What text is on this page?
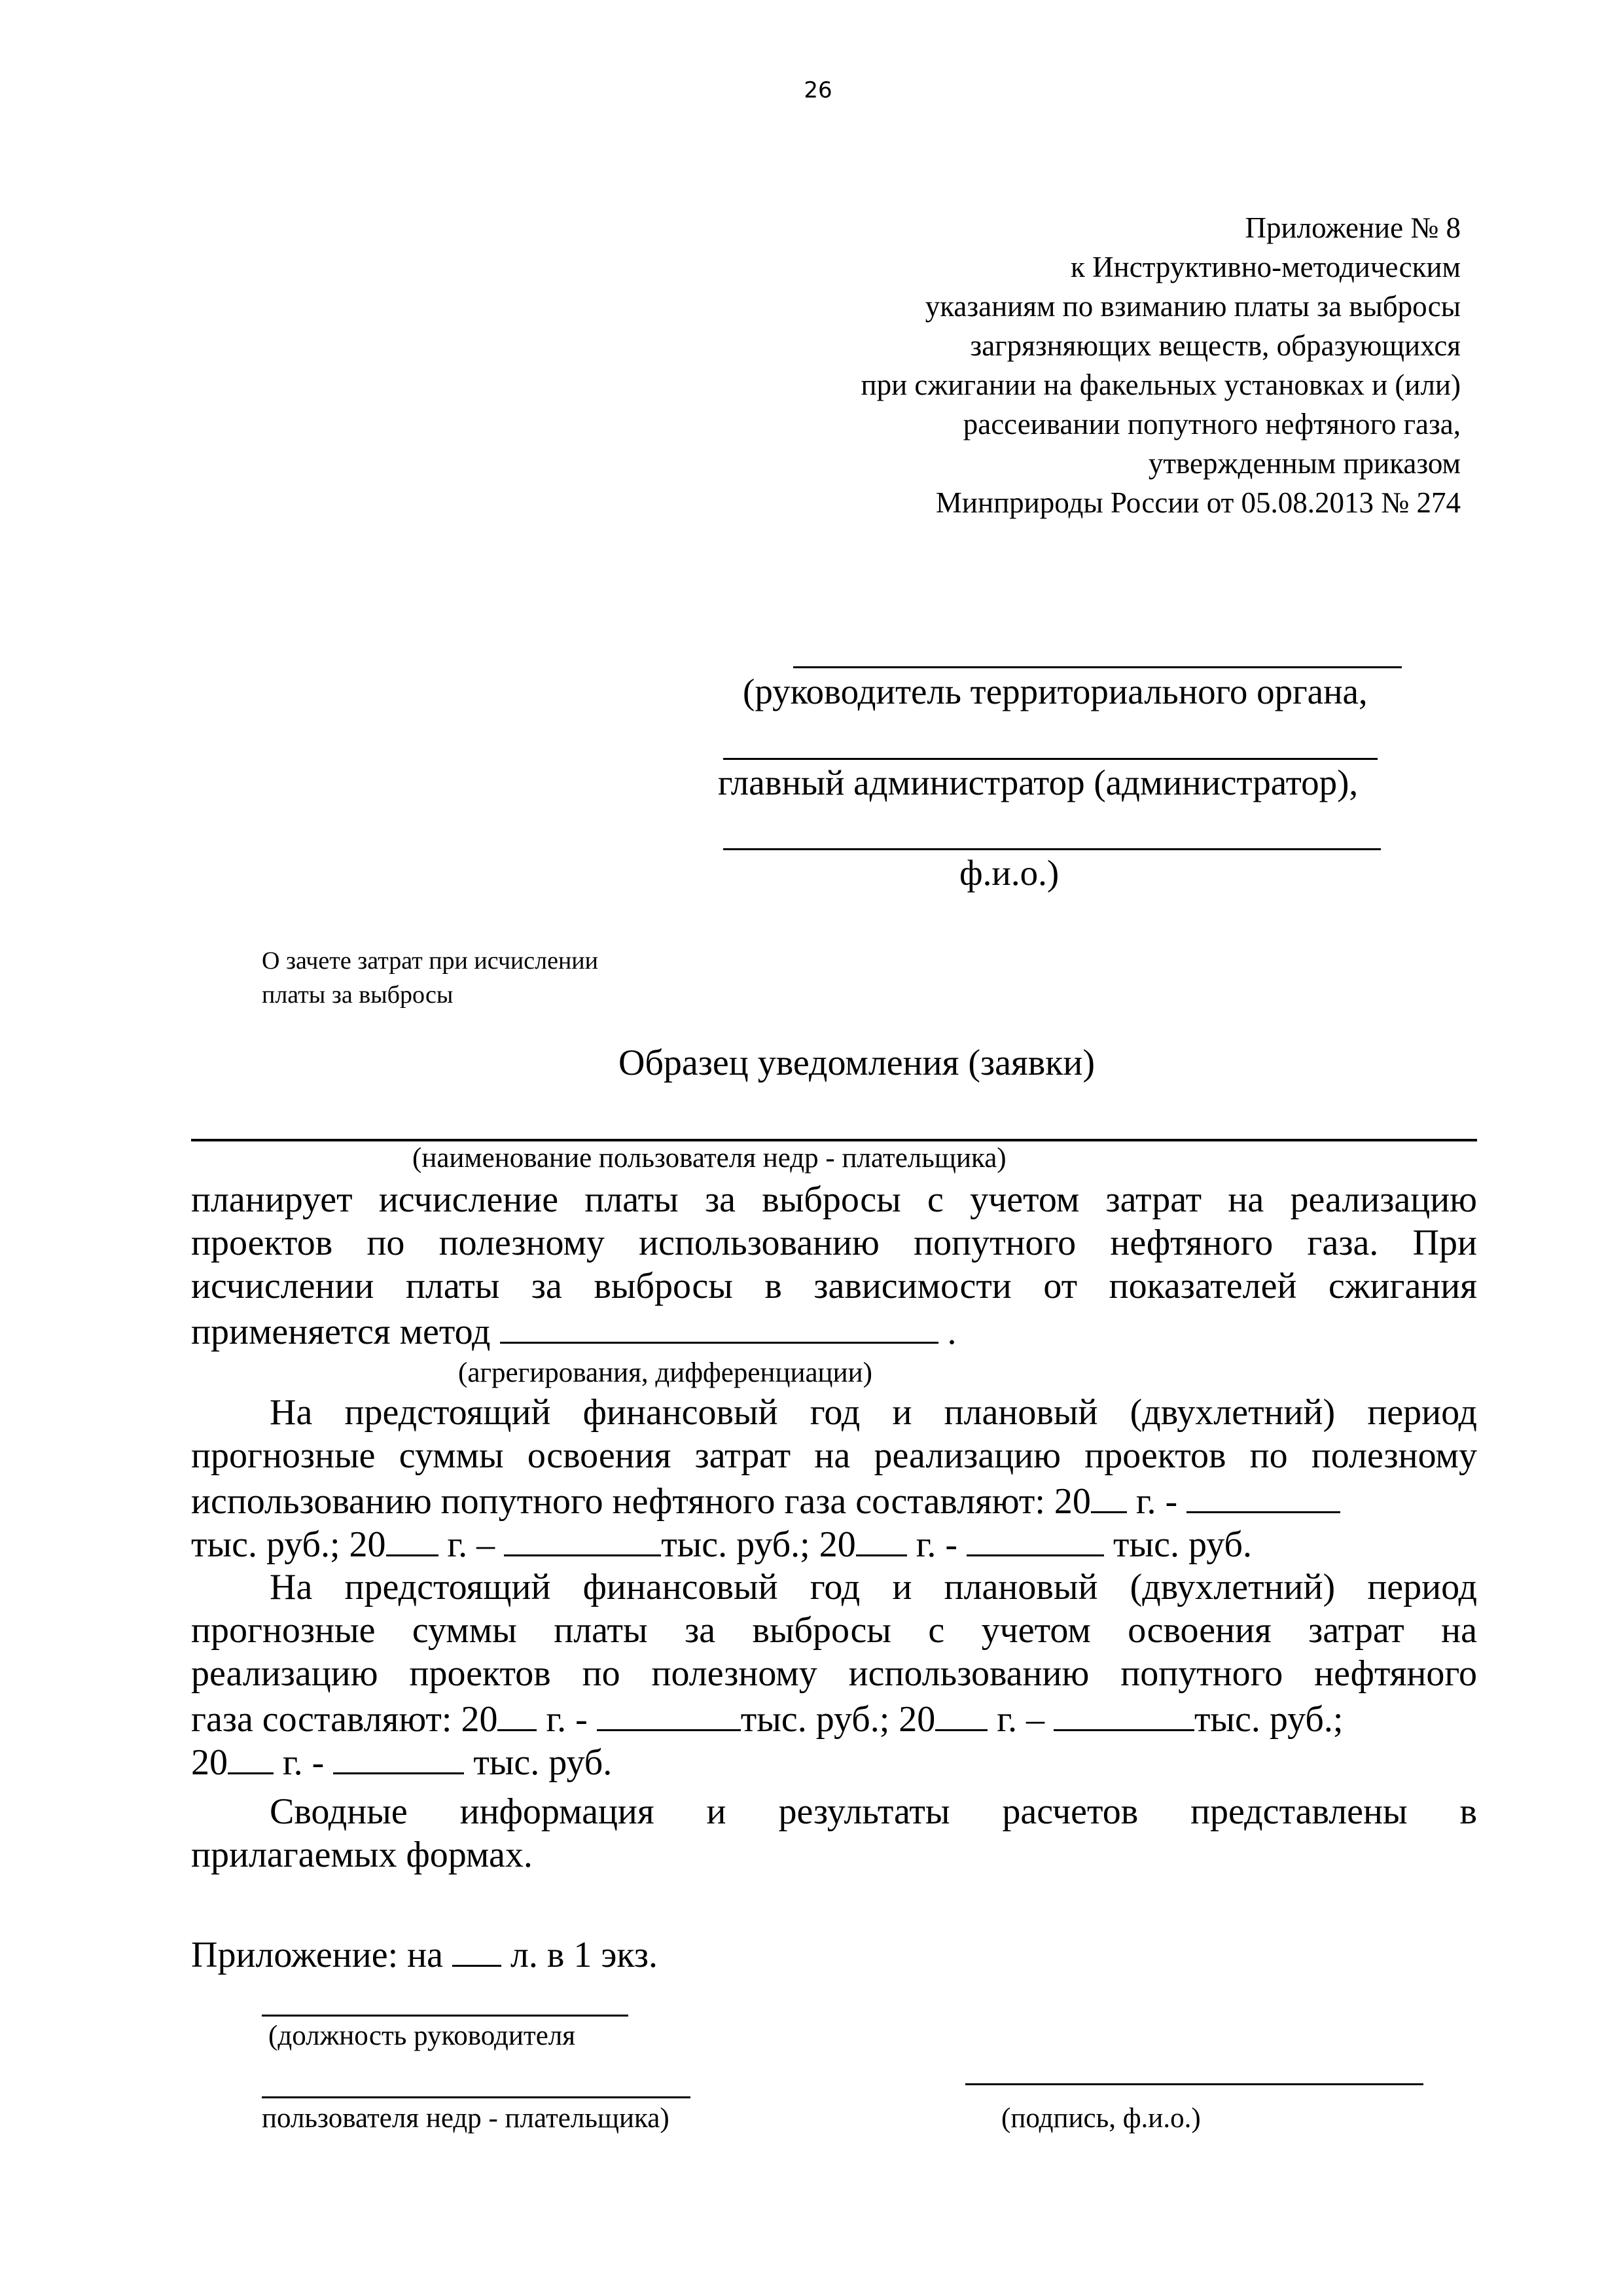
26
Приложение № 8
к Инструктивно-методическим
указаниям по взиманию платы за выбросы
загрязняющих веществ, образующихся
при сжигании на факельных установках и (или)
рассеивании попутного нефтяного газа,
утвержденным приказом
Минприроды России от 05.08.2013 № 274
(руководитель территориального органа,
главный администратор (администратор),
ф.и.о.)
О зачете затрат при исчислении
платы за выбросы
Образец уведомления (заявки)
(наименование пользователя недр - плательщика)
планирует исчисление платы за выбросы с учетом затрат на реализацию
проектов по полезному использованию попутного нефтяного газа. При
исчислении платы за выбросы в зависимости от показателей сжигания
применяется метод	.
(агрегирования, дифференциации)
На предстоящий финансовый год и плановый (двухлетний) период
прогнозные суммы освоения затрат на реализацию проектов по полезному
использованию попутного нефтяного газа составляют: 20 г. -
тыс. руб.; 20 г. –	тыс. руб.; 20 г. -	тыс. руб.
На предстоящий финансовый год и плановый (двухлетний) период
прогнозные суммы платы за выбросы с учетом освоения затрат на
реализацию проектов по полезному использованию попутного нефтяного
газа составляют: 20 г. -	тыс. руб.; 20 г. –	тыс. руб.;
20 г. -	тыс. руб.
Сводные информация и результаты расчетов представлены в
прилагаемых формах.
Приложение: на л. в 1 экз.
(должность руководителя
пользователя недр - плательщика)	(подпись, ф.и.о.)
